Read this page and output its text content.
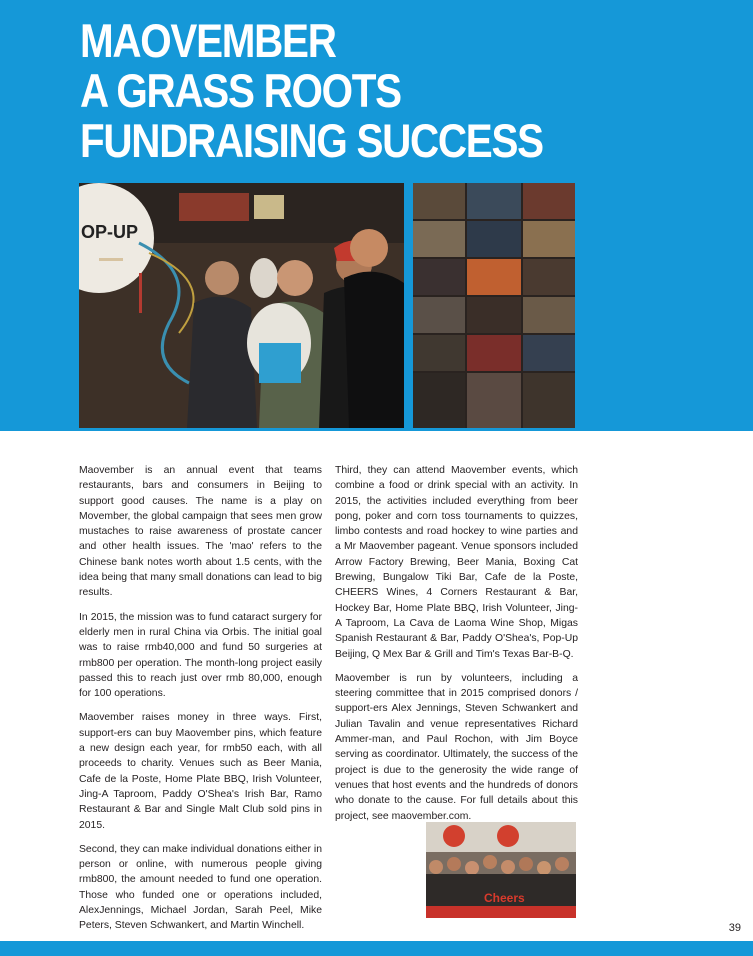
MAOVEMBER
A GRASS ROOTS
FUNDRAISING SUCCESS
OP-UP

Maovember is an annual event that teams restaurants, bars and consumers in Beijing to support good causes. The name is a play on Movember, the global campaign that sees men grow mustaches to raise awareness of prostate cancer and other health issues. The 'mao' refers to the Chinese bank notes worth about 1.5 cents, with the idea being that many small donations can lead to big results.

In 2015, the mission was to fund cataract surgery for elderly men in rural China via Orbis. The initial goal was to raise rmb40,000 and fund 50 surgeries at rmb800 per operation. The month-long project easily passed this to reach just over rmb 80,000, enough for 100 operations.

Maovember raises money in three ways. First, support-ers can buy Maovember pins, which feature a new design each year, for rmb50 each, with all proceeds to charity. Venues such as Beer Mania, Cafe de la Poste, Home Plate BBQ, Irish Volunteer, Jing-A Taproom, Paddy O'Shea's Irish Bar, Ramo Restaurant & Bar and Single Malt Club sold pins in 2015.

Second, they can make individual donations either in person or online, with numerous people giving rmb800, the amount needed to fund one operation. Those who funded one or operations included, AlexJennings, Michael Jordan, Sarah Peel, Mike Peters, Steven Schwankert, and Martin Winchell.

Third, they can attend Maovember events, which combine a food or drink special with an activity. In 2015, the activities included everything from beer pong, poker and corn toss tournaments to quizzes, limbo contests and road hockey to wine parties and a Mr Maovember pageant. Venue sponsors included Arrow Factory Brewing, Beer Mania, Boxing Cat Brewing, Bungalow Tiki Bar, Cafe de la Poste, CHEERS Wines, 4 Corners Restaurant & Bar, Hockey Bar, Home Plate BBQ, Irish Volunteer, Jing-A Taproom, La Cava de Laoma Wine Shop, Migas Spanish Restaurant & Bar, Paddy O'Shea's, Pop-Up Beijing, Q Mex Bar & Grill and Tim's Texas Bar-B-Q.

Maovember is run by volunteers, including a steering committee that in 2015 comprised donors / support-ers Alex Jennings, Steven Schwankert and Julian Tavalin and venue representatives Richard Ammer-man, and Paul Rochon, with Jim Boyce serving as coordinator. Ultimately, the success of the project is due to the generosity the wide range of venues that host events and the hundreds of donors who donate to the cause. For full details about this project, see maovember.com.

Cheers
39
